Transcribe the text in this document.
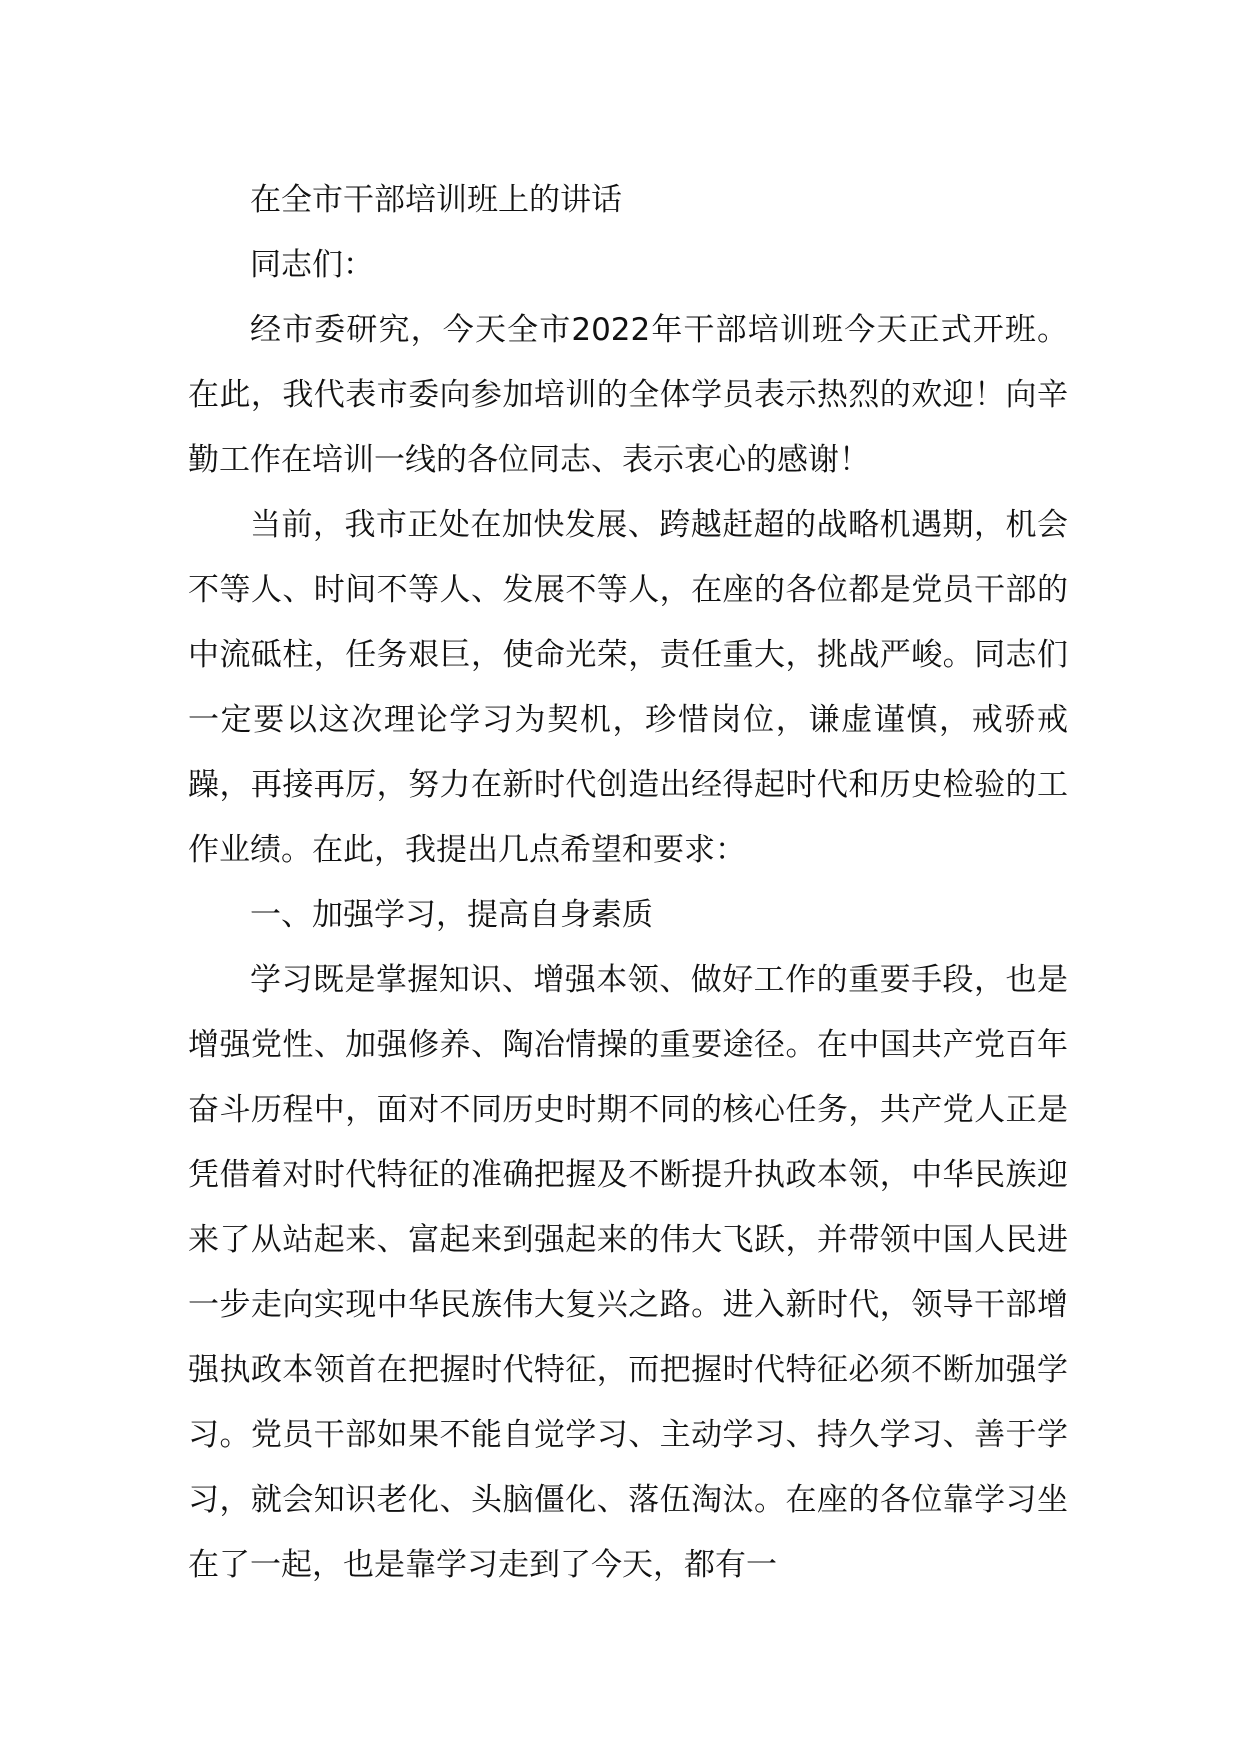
在全市干部培训班上的讲话

同志们：

经市委研究，今天全市2022年干部培训班今天正式开班。在此，我代表市委向参加培训的全体学员表示热烈的欢迎！向辛勤工作在培训一线的各位同志、表示衷心的感谢！

当前，我市正处在加快发展、跨越赶超的战略机遇期，机会不等人、时间不等人、发展不等人，在座的各位都是党员干部的中流砥柱，任务艰巨，使命光荣，责任重大，挑战严峻。同志们一定要以这次理论学习为契机，珍惜岗位，谦虚谨慎，戒骄戒躁，再接再厉，努力在新时代创造出经得起时代和历史检验的工作业绩。在此，我提出几点希望和要求：

一、加强学习，提高自身素质

学习既是掌握知识、增强本领、做好工作的重要手段，也是增强党性、加强修养、陶冶情操的重要途径。在中国共产党百年奋斗历程中，面对不同历史时期不同的核心任务，共产党人正是凭借着对时代特征的准确把握及不断提升执政本领，中华民族迎来了从站起来、富起来到强起来的伟大飞跃，并带领中国人民进一步走向实现中华民族伟大复兴之路。进入新时代，领导干部增强执政本领首在把握时代特征，而把握时代特征必须不断加强学习。党员干部如果不能自觉学习、主动学习、持久学习、善于学习，就会知识老化、头脑僵化、落伍淘汰。在座的各位靠学习坐在了一起，也是靠学习走到了今天，都有一
